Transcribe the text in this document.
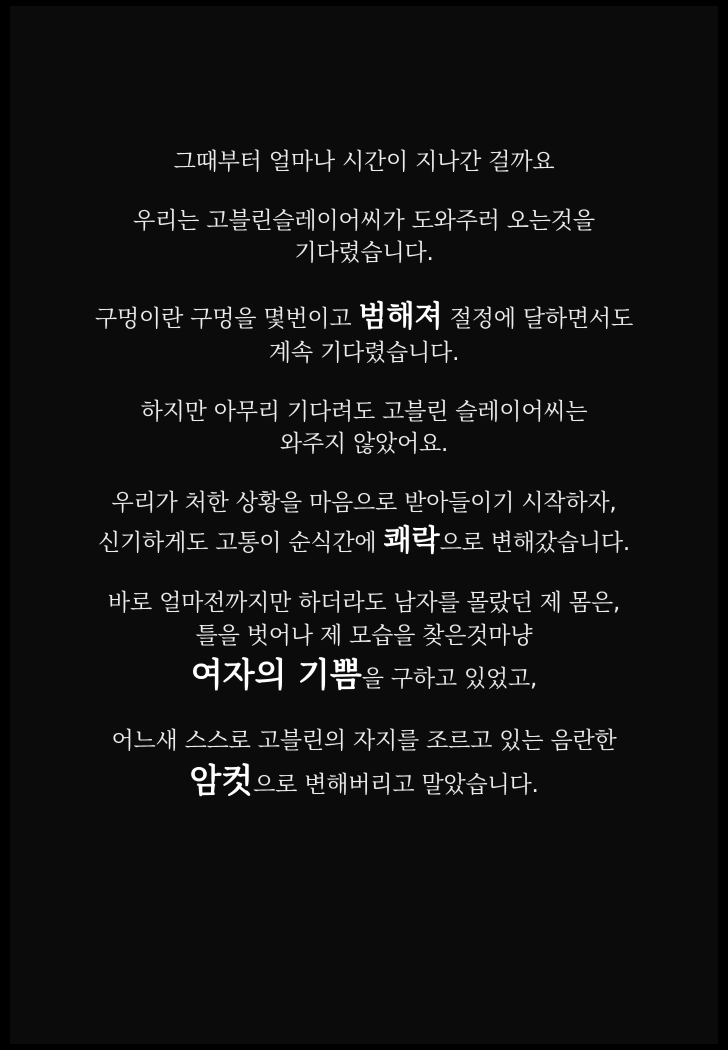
그때부터 얼마나 시간이 지나간 걸까요
우리는 고블린슬레이어씨가 도와주러 오는것을
기다렸습니다.
구멍이란 구멍을 몇번이고 범해져 절정에 달하면서도
계속 기다렸습니다.
하지만 아무리 기다려도 고블린 슬레이어씨는
와주지 않았어요.
우리가 처한 상황을 마음으로 받아들이기 시작하자,
신기하게도 고통이 순식간에 쾌락으로 변해갔습니다.
바로 얼마전까지만 하더라도 남자를 몰랐던 제 몸은,
틀을 벗어나 제 모습을 찾은것마냥
여자의 기쁨을 구하고 있었고,
어느새 스스로 고블린의 자지를 조르고 있는 음란한
암컷으로 변해버리고 말았습니다.
